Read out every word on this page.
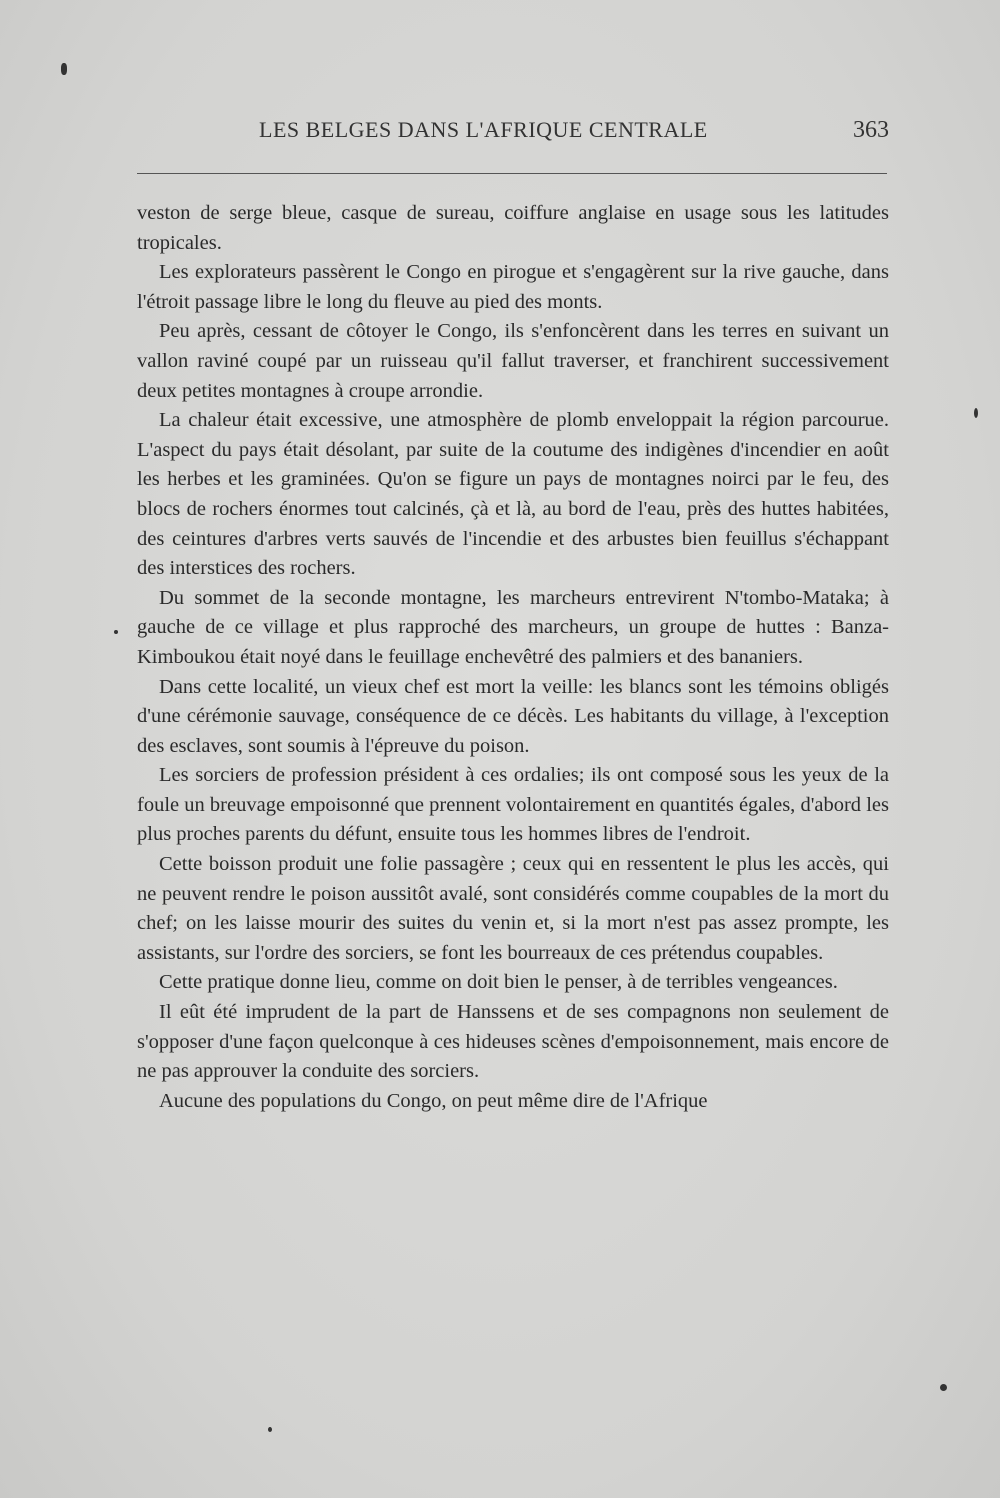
LES BELGES DANS L'AFRIQUE CENTRALE	363

veston de serge bleue, casque de sureau, coiffure anglaise en usage sous les latitudes tropicales.

Les explorateurs passèrent le Congo en pirogue et s'engagèrent sur la rive gauche, dans l'étroit passage libre le long du fleuve au pied des monts.

Peu après, cessant de côtoyer le Congo, ils s'enfoncèrent dans les terres en suivant un vallon raviné coupé par un ruisseau qu'il fallut traverser, et franchirent successivement deux petites montagnes à croupe arrondie.

La chaleur était excessive, une atmosphère de plomb enveloppait la région parcourue. L'aspect du pays était désolant, par suite de la coutume des indigènes d'incendier en août les herbes et les graminées. Qu'on se figure un pays de montagnes noirci par le feu, des blocs de rochers énormes tout calcinés, çà et là, au bord de l'eau, près des huttes habitées, des ceintures d'arbres verts sauvés de l'incendie et des arbustes bien feuillus s'échappant des interstices des rochers.

Du sommet de la seconde montagne, les marcheurs entrevirent N'tombo-Mataka; à gauche de ce village et plus rapproché des marcheurs, un groupe de huttes : Banza-Kimboukou était noyé dans le feuillage enchevêtré des palmiers et des bananiers.

Dans cette localité, un vieux chef est mort la veille: les blancs sont les témoins obligés d'une cérémonie sauvage, conséquence de ce décès. Les habitants du village, à l'exception des esclaves, sont soumis à l'épreuve du poison.

Les sorciers de profession président à ces ordalies; ils ont composé sous les yeux de la foule un breuvage empoisonné que prennent volontairement en quantités égales, d'abord les plus proches parents du défunt, ensuite tous les hommes libres de l'endroit.

Cette boisson produit une folie passagère ; ceux qui en ressentent le plus les accès, qui ne peuvent rendre le poison aussitôt avalé, sont considérés comme coupables de la mort du chef; on les laisse mourir des suites du venin et, si la mort n'est pas assez prompte, les assistants, sur l'ordre des sorciers, se font les bourreaux de ces prétendus coupables.

Cette pratique donne lieu, comme on doit bien le penser, à de terribles vengeances.

Il eût été imprudent de la part de Hanssens et de ses compagnons non seulement de s'opposer d'une façon quelconque à ces hideuses scènes d'empoisonnement, mais encore de ne pas approuver la conduite des sorciers.

Aucune des populations du Congo, on peut même dire de l'Afrique
